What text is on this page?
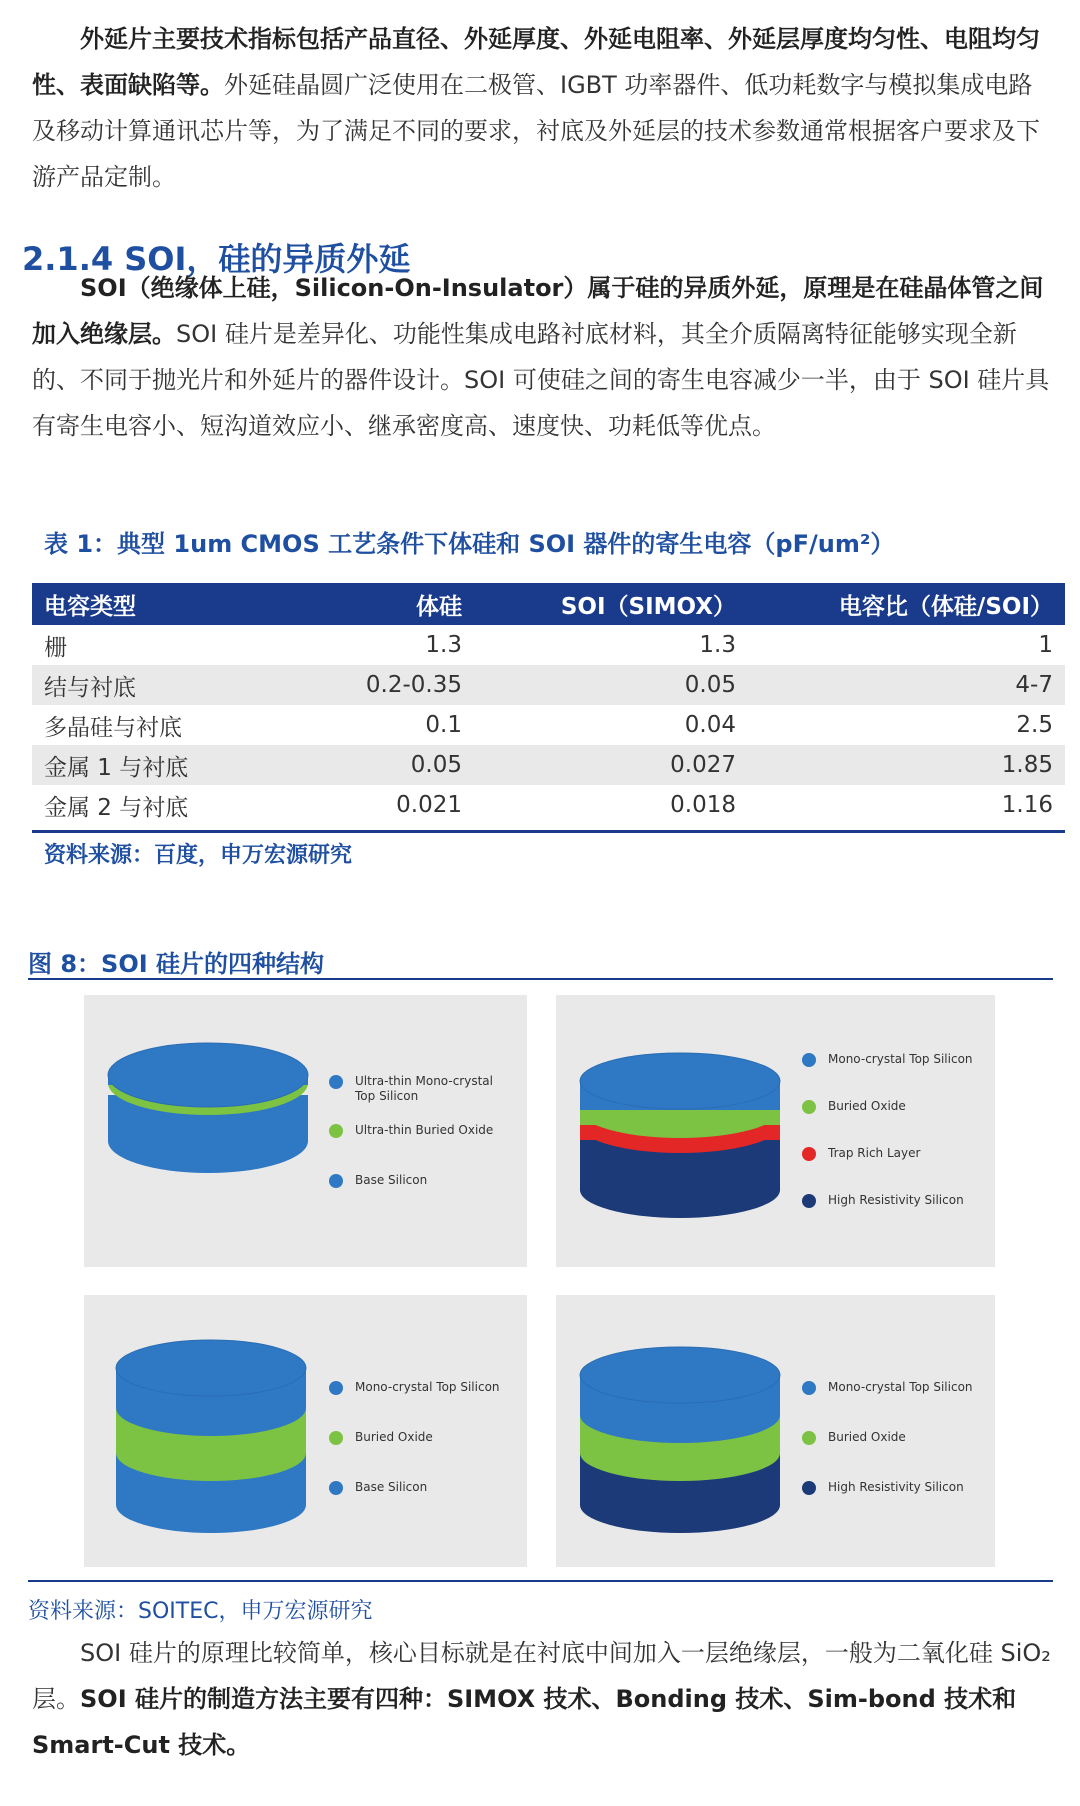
外延片主要技术指标包括产品直径、外延厚度、外延电阻率、外延层厚度均匀性、电阻均匀性、表面缺陷等。外延硅晶圆广泛使用在二极管、IGBT 功率器件、低功耗数字与模拟集成电路及移动计算通讯芯片等，为了满足不同的要求，衬底及外延层的技术参数通常根据客户要求及下游产品定制。

2.1.4 SOI，硅的异质外延

SOI（绝缘体上硅，Silicon-On-Insulator）属于硅的异质外延，原理是在硅晶体管之间加入绝缘层。SOI 硅片是差异化、功能性集成电路衬底材料，其全介质隔离特征能够实现全新的、不同于抛光片和外延片的器件设计。SOI 可使硅之间的寄生电容减少一半，由于 SOI 硅片具有寄生电容小、短沟道效应小、继承密度高、速度快、功耗低等优点。

表 1：典型 1um CMOS 工艺条件下体硅和 SOI 器件的寄生电容（pF/um²）

电容类型	体硅	SOI（SIMOX）	电容比（体硅/SOI）
栅	1.3	1.3	1
结与衬底	0.2-0.35	0.05	4-7
多晶硅与衬底	0.1	0.04	2.5
金属 1 与衬底	0.05	0.027	1.85
金属 2 与衬底	0.021	0.018	1.16

资料来源：百度，申万宏源研究

图 8：SOI 硅片的四种结构

Ultra-thin Mono-crystal Top Silicon
Ultra-thin Buried Oxide
Base Silicon
Mono-crystal Top Silicon
Buried Oxide
Trap Rich Layer
High Resistivity Silicon
Mono-crystal Top Silicon
Buried Oxide
Base Silicon
Mono-crystal Top Silicon
Buried Oxide
High Resistivity Silicon

资料来源：SOITEC，申万宏源研究

SOI 硅片的原理比较简单，核心目标就是在衬底中间加入一层绝缘层，一般为二氧化硅 SiO₂ 层。SOI 硅片的制造方法主要有四种：SIMOX 技术、Bonding 技术、Sim-bond 技术和 Smart-Cut 技术。
